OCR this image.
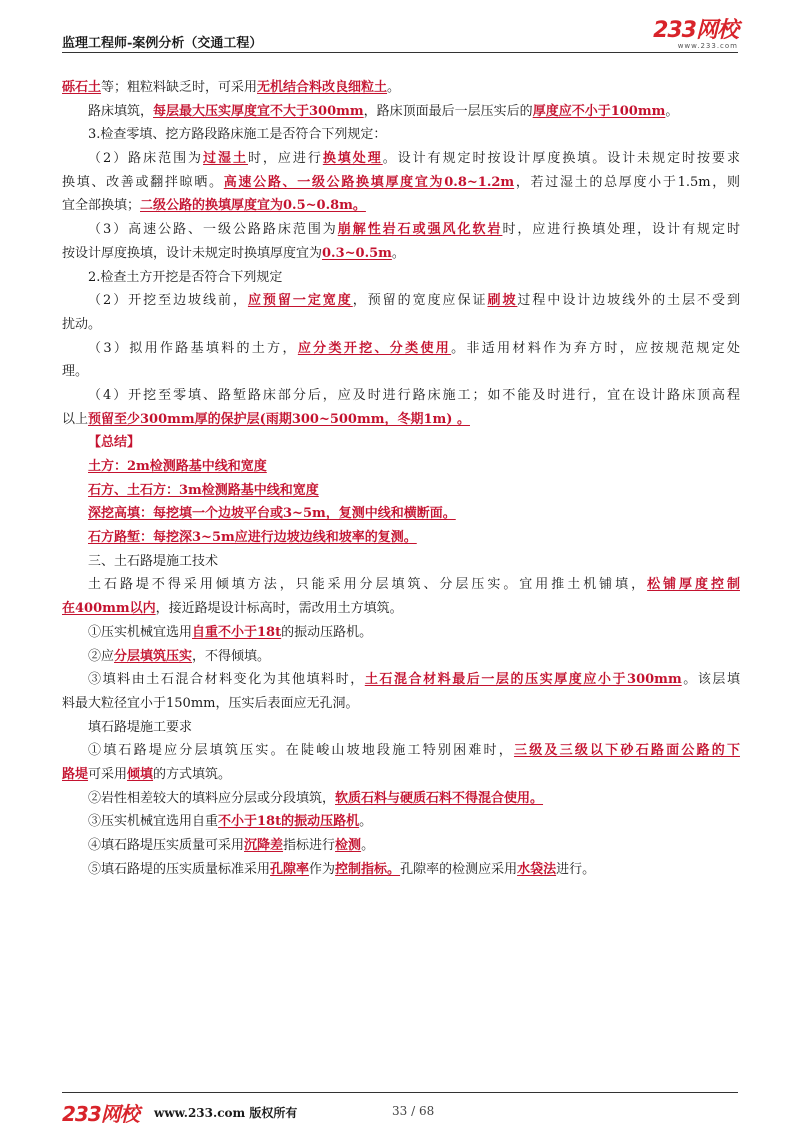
监理工程师-案例分析（交通工程）
233网校
www.233.com
砾石土等；粗粒料缺乏时，可采用无机结合料改良细粒土。
路床填筑，每层最大压实厚度宜不大于300mm，路床顶面最后一层压实后的厚度应不小于100mm。
3.检查零填、挖方路段路床施工是否符合下列规定：
（2）路床范围为过湿土时，应进行换填处理。设计有规定时按设计厚度换填。设计未规定时按要求
换填、改善或翻拌晾晒。高速公路、一级公路换填厚度宜为0.8~1.2m，若过湿土的总厚度小于1.5m，则
宜全部换填；二级公路的换填厚度宜为0.5~0.8m。
（3）高速公路、一级公路路床范围为崩解性岩石或强风化软岩时，应进行换填处理，设计有规定时
按设计厚度换填，设计未规定时换填厚度宜为0.3~0.5m。
2.检查土方开挖是否符合下列规定
（2）开挖至边坡线前，应预留一定宽度，预留的宽度应保证刷坡过程中设计边坡线外的土层不受到
扰动。
（3）拟用作路基填料的土方，应分类开挖、分类使用。非适用材料作为弃方时，应按规范规定处
理。
（4）开挖至零填、路堑路床部分后，应及时进行路床施工；如不能及时进行，宜在设计路床顶高程
以上预留至少300mm厚的保护层(雨期300~500mm，冬期1m) 。
【总结】
土方：2m检测路基中线和宽度
石方、土石方：3m检测路基中线和宽度
深挖高填：每挖填一个边坡平台或3~5m，复测中线和横断面。
石方路堑：每挖深3~5m应进行边坡边线和坡率的复测。
三、土石路堤施工技术
土石路堤不得采用倾填方法，只能采用分层填筑、分层压实。宜用推土机铺填，松铺厚度控制
在400mm以内，接近路堤设计标高时，需改用土方填筑。
①压实机械宜选用自重不小于18t的振动压路机。
②应分层填筑压实，不得倾填。
③填料由土石混合材料变化为其他填料时，土石混合材料最后一层的压实厚度应小于300mm。该层填
料最大粒径宜小于150mm，压实后表面应无孔洞。
填石路堤施工要求
①填石路堤应分层填筑压实。在陡峻山坡地段施工特别困难时，三级及三级以下砂石路面公路的下
路堤可采用倾填的方式填筑。
②岩性相差较大的填料应分层或分段填筑，软质石料与硬质石料不得混合使用。
③压实机械宜选用自重不小于18t的振动压路机。
④填石路堤压实质量可采用沉降差指标进行检测。
⑤填石路堤的压实质量标准采用孔隙率作为控制指标。孔隙率的检测应采用水袋法进行。
233网校 www.233.com 版权所有	33 / 68
